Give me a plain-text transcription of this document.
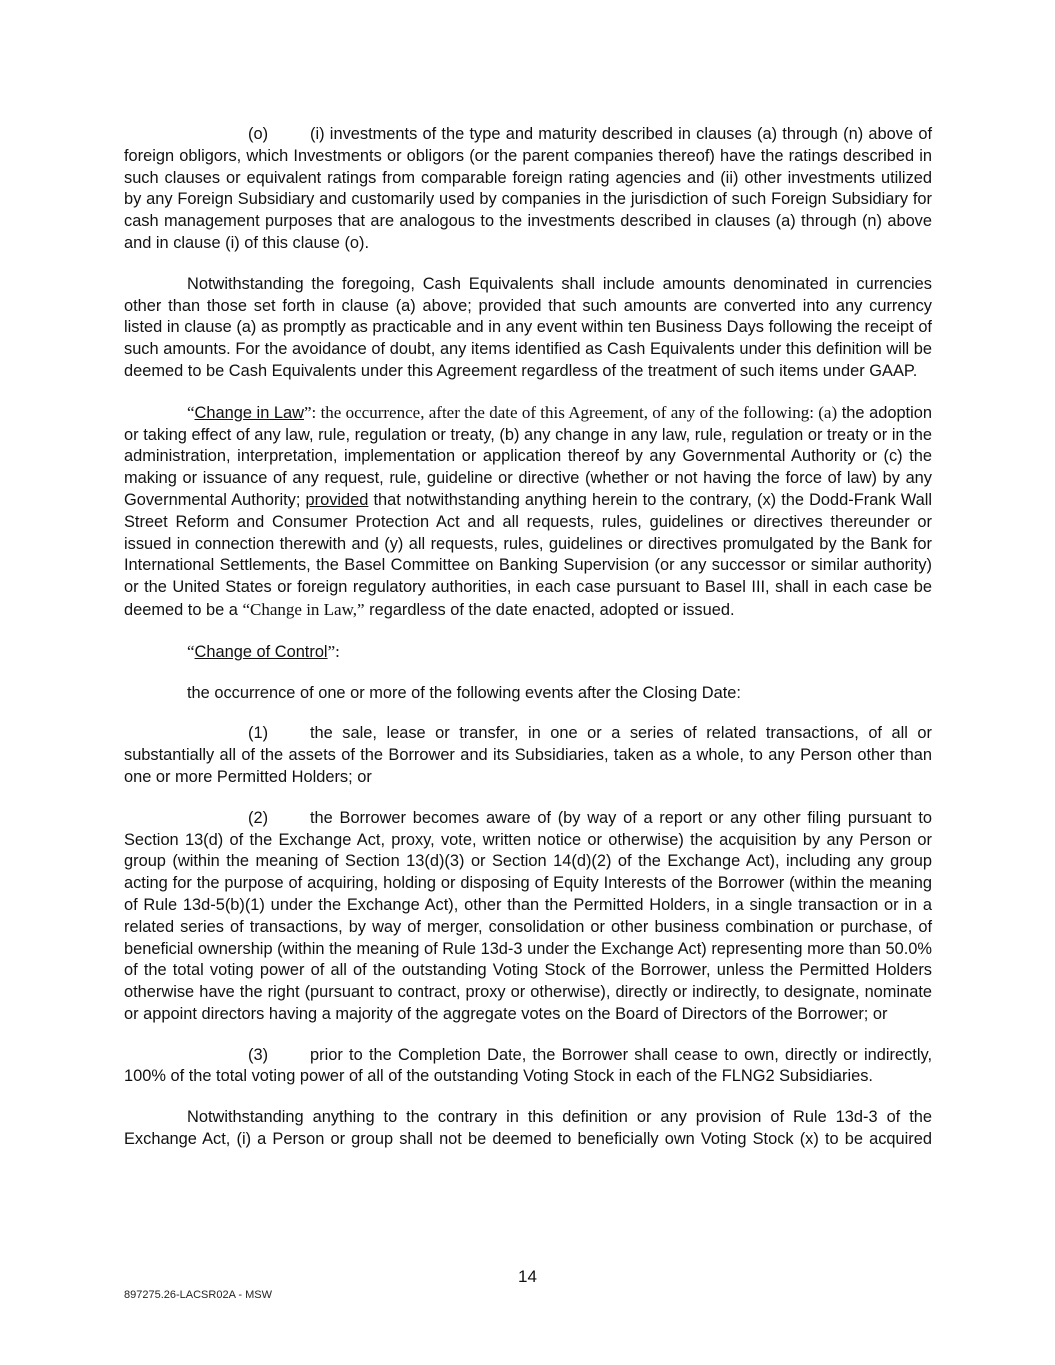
(o)	(i) investments of the type and maturity described in clauses (a) through (n) above of foreign obligors, which Investments or obligors (or the parent companies thereof) have the ratings described in such clauses or equivalent ratings from comparable foreign rating agencies and (ii) other investments utilized by any Foreign Subsidiary and customarily used by companies in the jurisdiction of such Foreign Subsidiary for cash management purposes that are analogous to the investments described in clauses (a) through (n) above and in clause (i) of this clause (o).

Notwithstanding the foregoing, Cash Equivalents shall include amounts denominated in currencies other than those set forth in clause (a) above; provided that such amounts are converted into any currency listed in clause (a) as promptly as practicable and in any event within ten Business Days following the receipt of such amounts. For the avoidance of doubt, any items identified as Cash Equivalents under this definition will be deemed to be Cash Equivalents under this Agreement regardless of the treatment of such items under GAAP.

“Change in Law”: the occurrence, after the date of this Agreement, of any of the following: (a) the adoption or taking effect of any law, rule, regulation or treaty, (b) any change in any law, rule, regulation or treaty or in the administration, interpretation, implementation or application thereof by any Governmental Authority or (c) the making or issuance of any request, rule, guideline or directive (whether or not having the force of law) by any Governmental Authority; provided that notwithstanding anything herein to the contrary, (x) the Dodd-Frank Wall Street Reform and Consumer Protection Act and all requests, rules, guidelines or directives thereunder or issued in connection therewith and (y) all requests, rules, guidelines or directives promulgated by the Bank for International Settlements, the Basel Committee on Banking Supervision (or any successor or similar authority) or the United States or foreign regulatory authorities, in each case pursuant to Basel III, shall in each case be deemed to be a “Change in Law,” regardless of the date enacted, adopted or issued.

“Change of Control”:

the occurrence of one or more of the following events after the Closing Date:

(1)	the sale, lease or transfer, in one or a series of related transactions, of all or substantially all of the assets of the Borrower and its Subsidiaries, taken as a whole, to any Person other than one or more Permitted Holders; or

(2)	the Borrower becomes aware of (by way of a report or any other filing pursuant to Section 13(d) of the Exchange Act, proxy, vote, written notice or otherwise) the acquisition by any Person or group (within the meaning of Section 13(d)(3) or Section 14(d)(2) of the Exchange Act), including any group acting for the purpose of acquiring, holding or disposing of Equity Interests of the Borrower (within the meaning of Rule 13d-5(b)(1) under the Exchange Act), other than the Permitted Holders, in a single transaction or in a related series of transactions, by way of merger, consolidation or other business combination or purchase, of beneficial ownership (within the meaning of Rule 13d-3 under the Exchange Act) representing more than 50.0% of the total voting power of all of the outstanding Voting Stock of the Borrower, unless the Permitted Holders otherwise have the right (pursuant to contract, proxy or otherwise), directly or indirectly, to designate, nominate or appoint directors having a majority of the aggregate votes on the Board of Directors of the Borrower; or

(3)	prior to the Completion Date, the Borrower shall cease to own, directly or indirectly, 100% of the total voting power of all of the outstanding Voting Stock in each of the FLNG2 Subsidiaries.

Notwithstanding anything to the contrary in this definition or any provision of Rule 13d-3 of the Exchange Act, (i) a Person or group shall not be deemed to beneficially own Voting Stock (x) to be acquired

14
897275.26-LACSR02A - MSW
